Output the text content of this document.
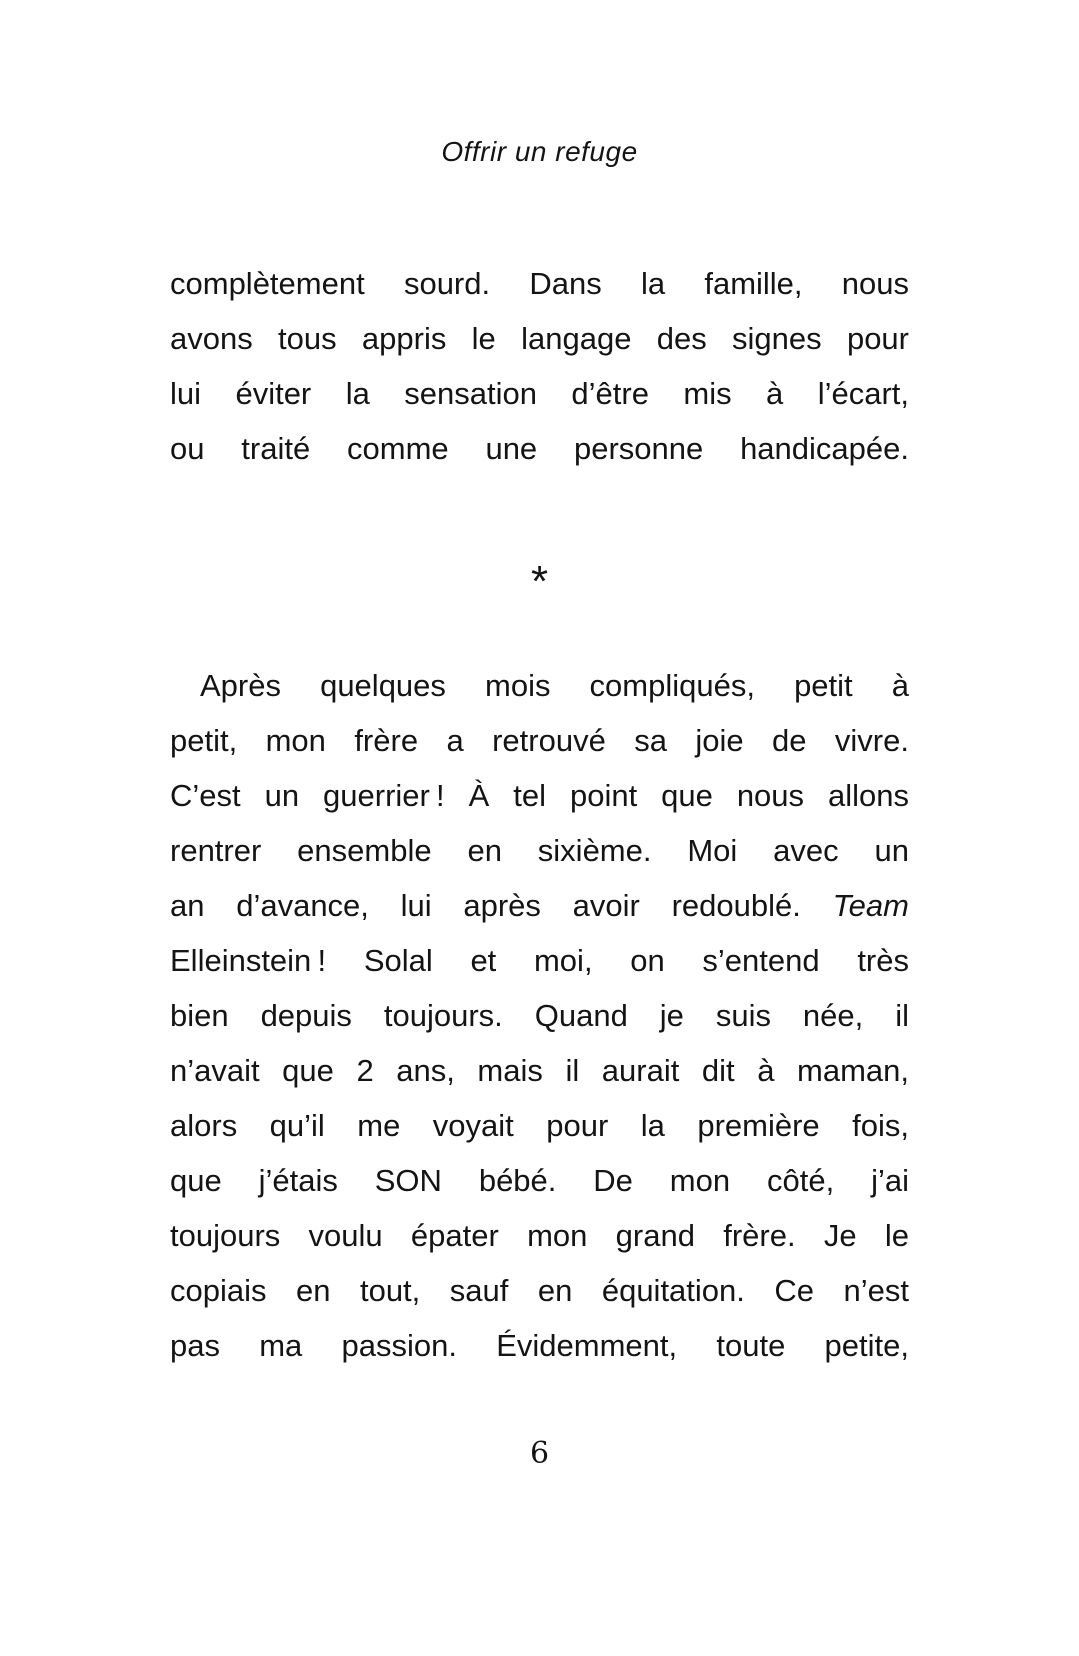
Offrir un refuge
complètement sourd. Dans la famille, nous
avons tous appris le langage des signes pour
lui éviter la sensation d’être mis à l’écart,
ou traité comme une personne handicapée.
*
Après quelques mois compliqués, petit à
petit, mon frère a retrouvé sa joie de vivre.
C’est un guerrier ! À tel point que nous allons
rentrer ensemble en sixième. Moi avec un
an d’avance, lui après avoir redoublé. Team
Elleinstein ! Solal et moi, on s’entend très
bien depuis toujours. Quand je suis née, il
n’avait que 2 ans, mais il aurait dit à maman,
alors qu’il me voyait pour la première fois,
que j’étais SON bébé. De mon côté, j’ai
toujours voulu épater mon grand frère. Je le
copiais en tout, sauf en équitation. Ce n’est
pas ma passion. Évidemment, toute petite,
6
